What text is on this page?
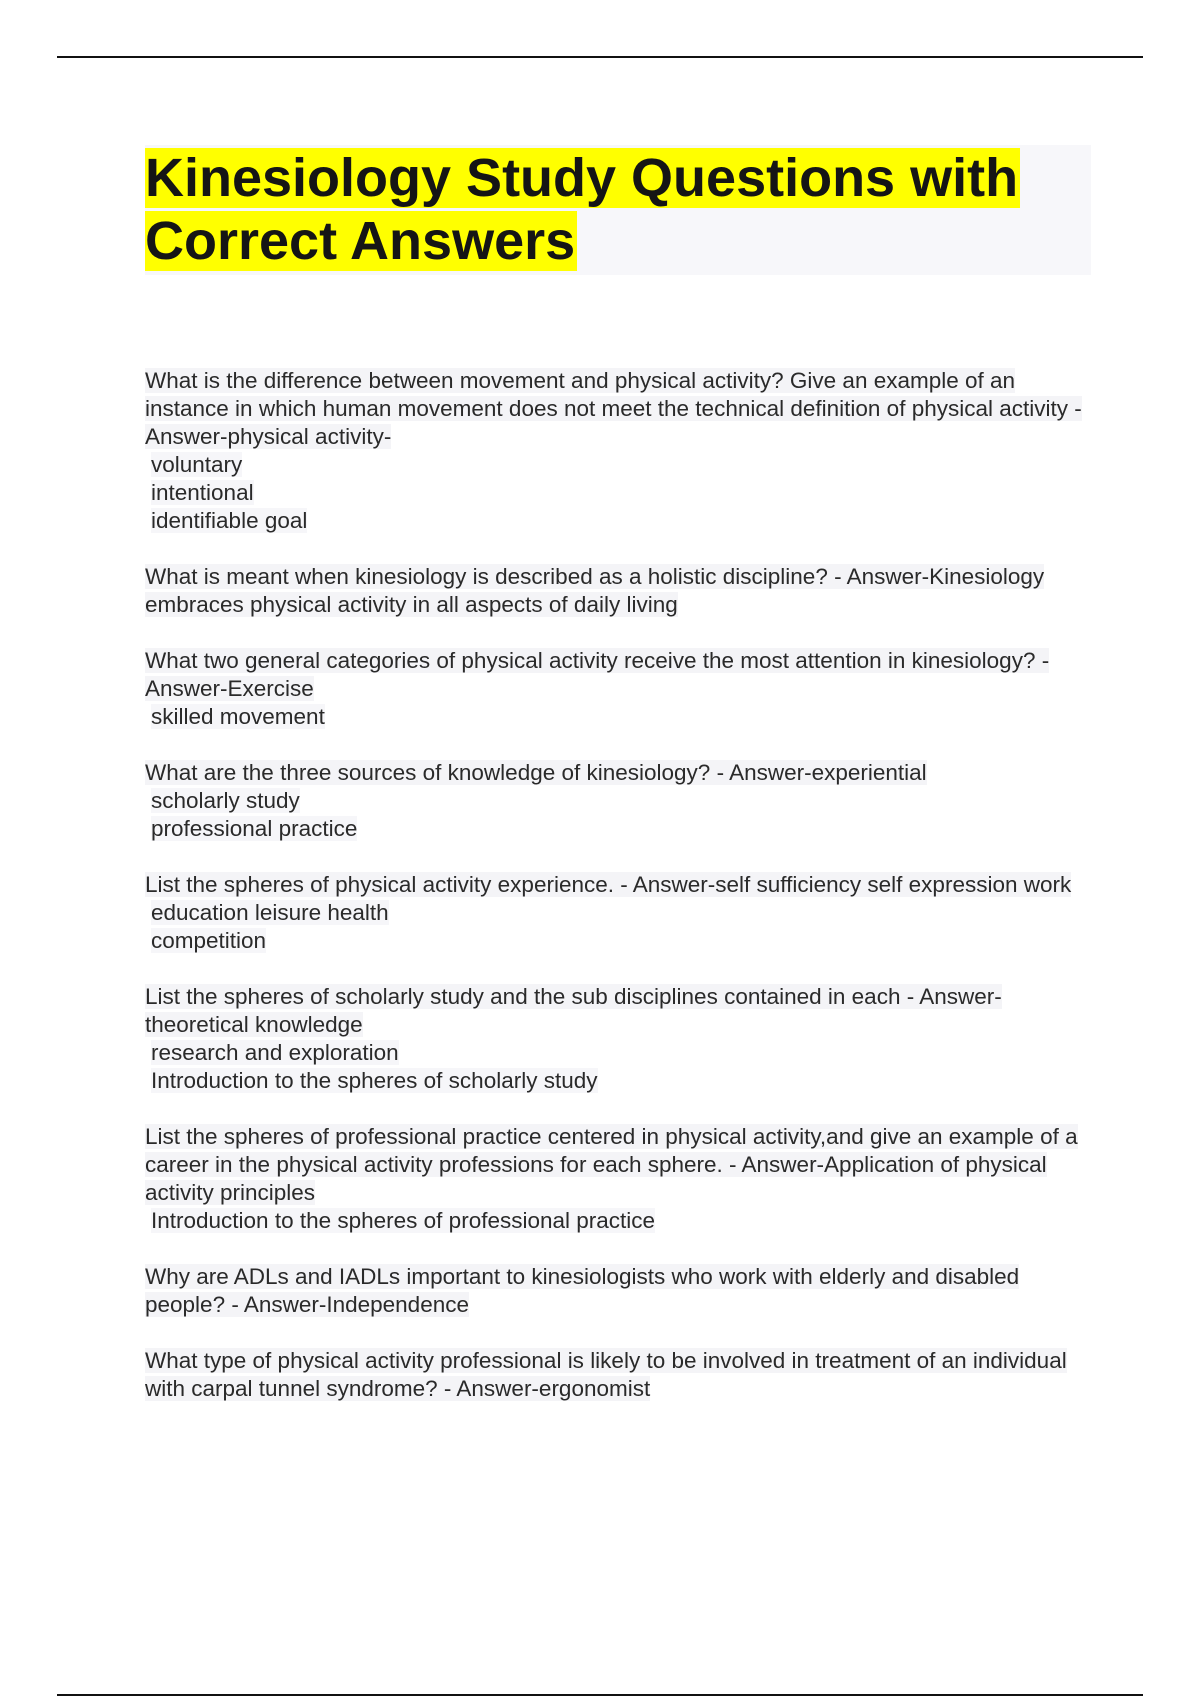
Kinesiology Study Questions with Correct Answers
What is the difference between movement and physical activity? Give an example of an instance in which human movement does not meet the technical definition of physical activity - Answer-physical activity-
voluntary
intentional
identifiable goal
What is meant when kinesiology is described as a holistic discipline? - Answer-Kinesiology embraces physical activity in all aspects of daily living
What two general categories of physical activity receive the most attention in kinesiology? - Answer-Exercise
skilled movement
What are the three sources of knowledge of kinesiology? - Answer-experiential
scholarly study
professional practice
List the spheres of physical activity experience. - Answer-self sufficiency self expression work
education leisure health
competition
List the spheres of scholarly study and the sub disciplines contained in each - Answer-theoretical knowledge
research and exploration
Introduction to the spheres of scholarly study
List the spheres of professional practice centered in physical activity,and give an example of a career in the physical activity professions for each sphere. - Answer-Application of physical activity principles
Introduction to the spheres of professional practice
Why are ADLs and IADLs important to kinesiologists who work with elderly and disabled people? - Answer-Independence
What type of physical activity professional is likely to be involved in treatment of an individual with carpal tunnel syndrome? - Answer-ergonomist
